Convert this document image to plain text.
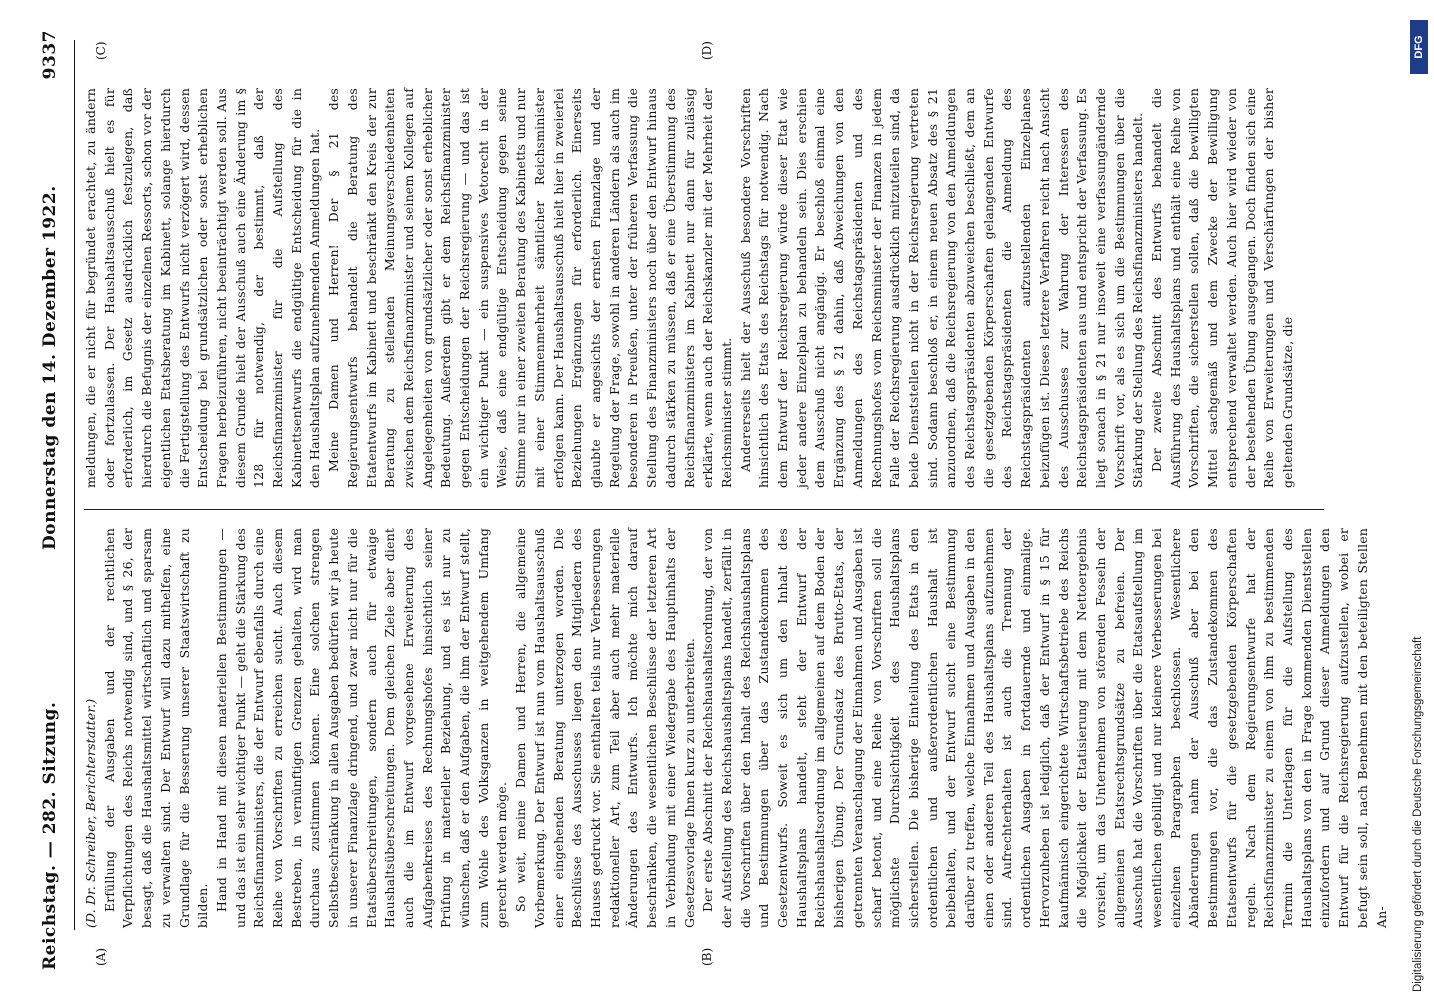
Reichstag. — 282. Sitzung.
Donnerstag den 14. Dezember 1922.
9337
(A)	(B)
(C)	(D)

(D. Dr. Schreiber, Berichterstatter.) Erfüllung der Ausgaben und der rechtlichen Verpflichtungen des Reichs notwendig sind, und § 26, der besagt, daß die Haushaltsmittel wirtschaftlich und sparsam zu verwalten sind. Der Entwurf will dazu mithelfen, eine Grundlage für die Besserung unserer Staatswirtschaft zu bilden. Hand in Hand mit diesen materiellen Bestimmungen — und das ist ein sehr wichtiger Punkt — geht die Stärkung des Reichsfinanzministers, die der Entwurf ebenfalls durch eine Reihe von Vorschriften zu erreichen sucht. Auch diesem Bestreben, in vernünftigen Grenzen gehalten, wird man durchaus zustimmen können. Eine solchen strengen Selbstbeschränkung in allen Ausgaben bedürfen wir ja heute in unserer Finanzlage dringend, und zwar nicht nur für die Etatsüberschreitungen, sondern auch für etwaige Haushaltsüberschreitungen. Dem gleichen Ziele aber dient auch die im Entwurf vorgesehene Erweiterung des Aufgabenkreises des Rechnungshofes hinsichtlich seiner Prüfung in materieller Beziehung, und es ist nur zu wünschen, daß er den Aufgaben, die ihm der Entwurf stellt, zum Wohle des Volksganzen in weitgehendem Umfang gerecht werden möge. So weit, meine Damen und Herren, die allgemeine Vorbemerkung. Der Entwurf ist nun vom Haushaltsausschuß einer eingehenden Beratung unterzogen worden. Die Beschlüsse des Ausschusses liegen den Mitgliedern des Hauses gedruckt vor. Sie enthalten teils nur Verbesserungen redaktioneller Art, zum Teil aber auch mehr materielle Änderungen des Entwurfs. Ich möchte mich darauf beschränken, die wesentlichen Beschlüsse der letzteren Art in Verbindung mit einer Wiedergabe des Hauptinhalts der Gesetzesvorlage Ihnen kurz zu unterbreiten. Der erste Abschnitt der Reichshaushaltsordnung, der von der Aufstellung des Reichshaushaltsplans handelt, zerfällt in die Vorschriften über den Inhalt des Reichshaushaltsplans und Bestimmungen über das Zustandekommen des Gesetzentwurfs. Soweit es sich um den Inhalt des Haushaltsplans handelt, steht der Entwurf der Reichshaushaltsordnung im allgemeinen auf dem Boden der bisherigen Übung. Der Grundsatz des Brutto-Etats, der getrennten Veranschlagung der Einnahmen und Ausgaben ist scharf betont, und eine Reihe von Vorschriften soll die möglichste Durchsichtigkeit des Haushaltsplans sicherstellen. Die bisherige Einteilung des Etats in den ordentlichen und außerordentlichen Haushalt ist beibehalten, und der Entwurf sucht eine Bestimmung darüber zu treffen, welche Einnahmen und Ausgaben in den einen oder anderen Teil des Haushaltsplans aufzunehmen sind. Aufrechterhalten ist auch die Trennung der ordentlichen Ausgaben in fortdauernde und einmalige. Hervorzuheben ist lediglich, daß der Entwurf in § 15 für kaufmännisch eingerichtete Wirtschaftsbetriebe des Reichs die Möglichkeit der Etatisierung mit dem Nettoergebnis vorsieht, um das Unternehmen von störenden Fesseln der allgemeinen Etatsrechtsgrundsätze zu befreien. Der Ausschuß hat die Vorschriften über die Etatsaufstellung im wesentlichen gebilligt und nur kleinere Verbesserungen bei einzelnen Paragraphen beschlossen. Wesentlichere Abänderungen nahm der Ausschuß aber bei den Bestimmungen vor, die das Zustandekommen des Etatsentwurfs für die gesetzgebenden Körperschaften regeln. Nach dem Regierungsentwurfe hat der Reichsfinanzminister zu einem von ihm zu bestimmenden Termin die Unterlagen für die Aufstellung des Haushaltsplans von den in Frage kommenden Dienststellen einzufordern und auf Grund dieser Anmeldungen den Entwurf für die Reichsregierung aufzustellen, wobei er befugt sein soll, nach Benehmen mit den beteiligten Stellen An-

meldungen, die er nicht für begründet erachtet, zu ändern oder fortzulassen. Der Haushaltsausschuß hielt es für erforderlich, im Gesetz ausdrücklich festzulegen, daß hierdurch die Befugnis der einzelnen Ressorts, schon vor der eigentlichen Etatsberatung im Kabinett, solange hierdurch die Fertigstellung des Entwurfs nicht verzögert wird, dessen Entscheidung bei grundsätzlichen oder sonst erheblichen Fragen herbeizuführen, nicht beeinträchtigt werden soll. Aus diesem Grunde hielt der Ausschuß auch eine Änderung im § 128 für notwendig, der bestimmt, daß der Reichsfinanzminister für die Aufstellung des Kabinettsentwurfs die endgültige Entscheidung für die in den Haushaltsplan aufzunehmenden Anmeldungen hat. Meine Damen und Herren! Der § 21 des Regierungsentwurfs behandelt die Beratung des Etatentwurfs im Kabinett und beschränkt den Kreis der zur Beratung zu stellenden Meinungsverschiedenheiten zwischen dem Reichsfinanzminister und seinem Kollegen auf Angelegenheiten von grundsätzlicher oder sonst erheblicher Bedeutung. Außerdem gibt er dem Reichsfinanzminister gegen Entscheidungen der Reichsregierung — und das ist ein wichtiger Punkt — ein suspensives Vetorecht in der Weise, daß eine endgültige Entscheidung gegen seine Stimme nur in einer zweiten Beratung des Kabinetts und nur mit einer Stimmenmehrheit sämtlicher Reichsminister erfolgen kann. Der Haushaltsausschuß hielt hier in zweierlei Beziehungen Ergänzungen für erforderlich. Einerseits glaubte er angesichts der ernsten Finanzlage und der Regelung der Frage, sowohl in anderen Ländern als auch im besonderen in Preußen, unter der früheren Verfassung die Stellung des Finanzministers noch über den Entwurf hinaus dadurch stärken zu müssen, daß er eine Überstimmung des Reichsfinanzministers im Kabinett nur dann für zulässig erklärte, wenn auch der Reichskanzler mit der Mehrheit der Reichsminister stimmt. Andererseits hielt der Ausschuß besondere Vorschriften hinsichtlich des Etats des Reichstags für notwendig. Nach dem Entwurf der Reichsregierung würde dieser Etat wie jeder andere Einzelplan zu behandeln sein. Dies erschien dem Ausschuß nicht angängig. Er beschloß einmal eine Ergänzung des § 21 dahin, daß Abweichungen von den Anmeldungen des Reichstagspräsidenten und des Rechnungshofes vom Reichsminister der Finanzen in jedem Falle der Reichsregierung ausdrücklich mitzuteilen sind, da beide Dienststellen nicht in der Reichsregierung vertreten sind. Sodann beschloß er, in einem neuen Absatz des § 21 anzuordnen, daß die Reichsregierung von den Anmeldungen des Reichstagspräsidenten abzuweichen beschließt, dem an die gesetzgebenden Körperschaften gelangenden Entwurfe des Reichstagspräsidenten die Anmeldung des Reichstagspräsidenten aufzustellenden Einzelplanes beizufügen ist. Dieses letztere Verfahren reicht nach Ansicht des Ausschusses zur Wahrung der Interessen des Reichstagspräsidenten aus und entspricht der Verfassung. Es liegt sonach in § 21 nur insoweit eine verfassungändernde Vorschrift vor, als es sich um die Bestimmungen über die Stärkung der Stellung des Reichsfinanzministers handelt. Der zweite Abschnitt des Entwurfs behandelt die Ausführung des Haushaltsplans und enthält eine Reihe von Vorschriften, die sicherstellen sollen, daß die bewilligten Mittel sachgemäß und dem Zwecke der Bewilligung entsprechend verwaltet werden. Auch hier wird wieder von der bestehenden Übung ausgegangen. Doch finden sich eine Reihe von Erweiterungen und Verschärfungen der bisher geltenden Grundsätze, die

Digitalisierung gefördert durch die Deutsche Forschungsgemeinschaft
DFG
